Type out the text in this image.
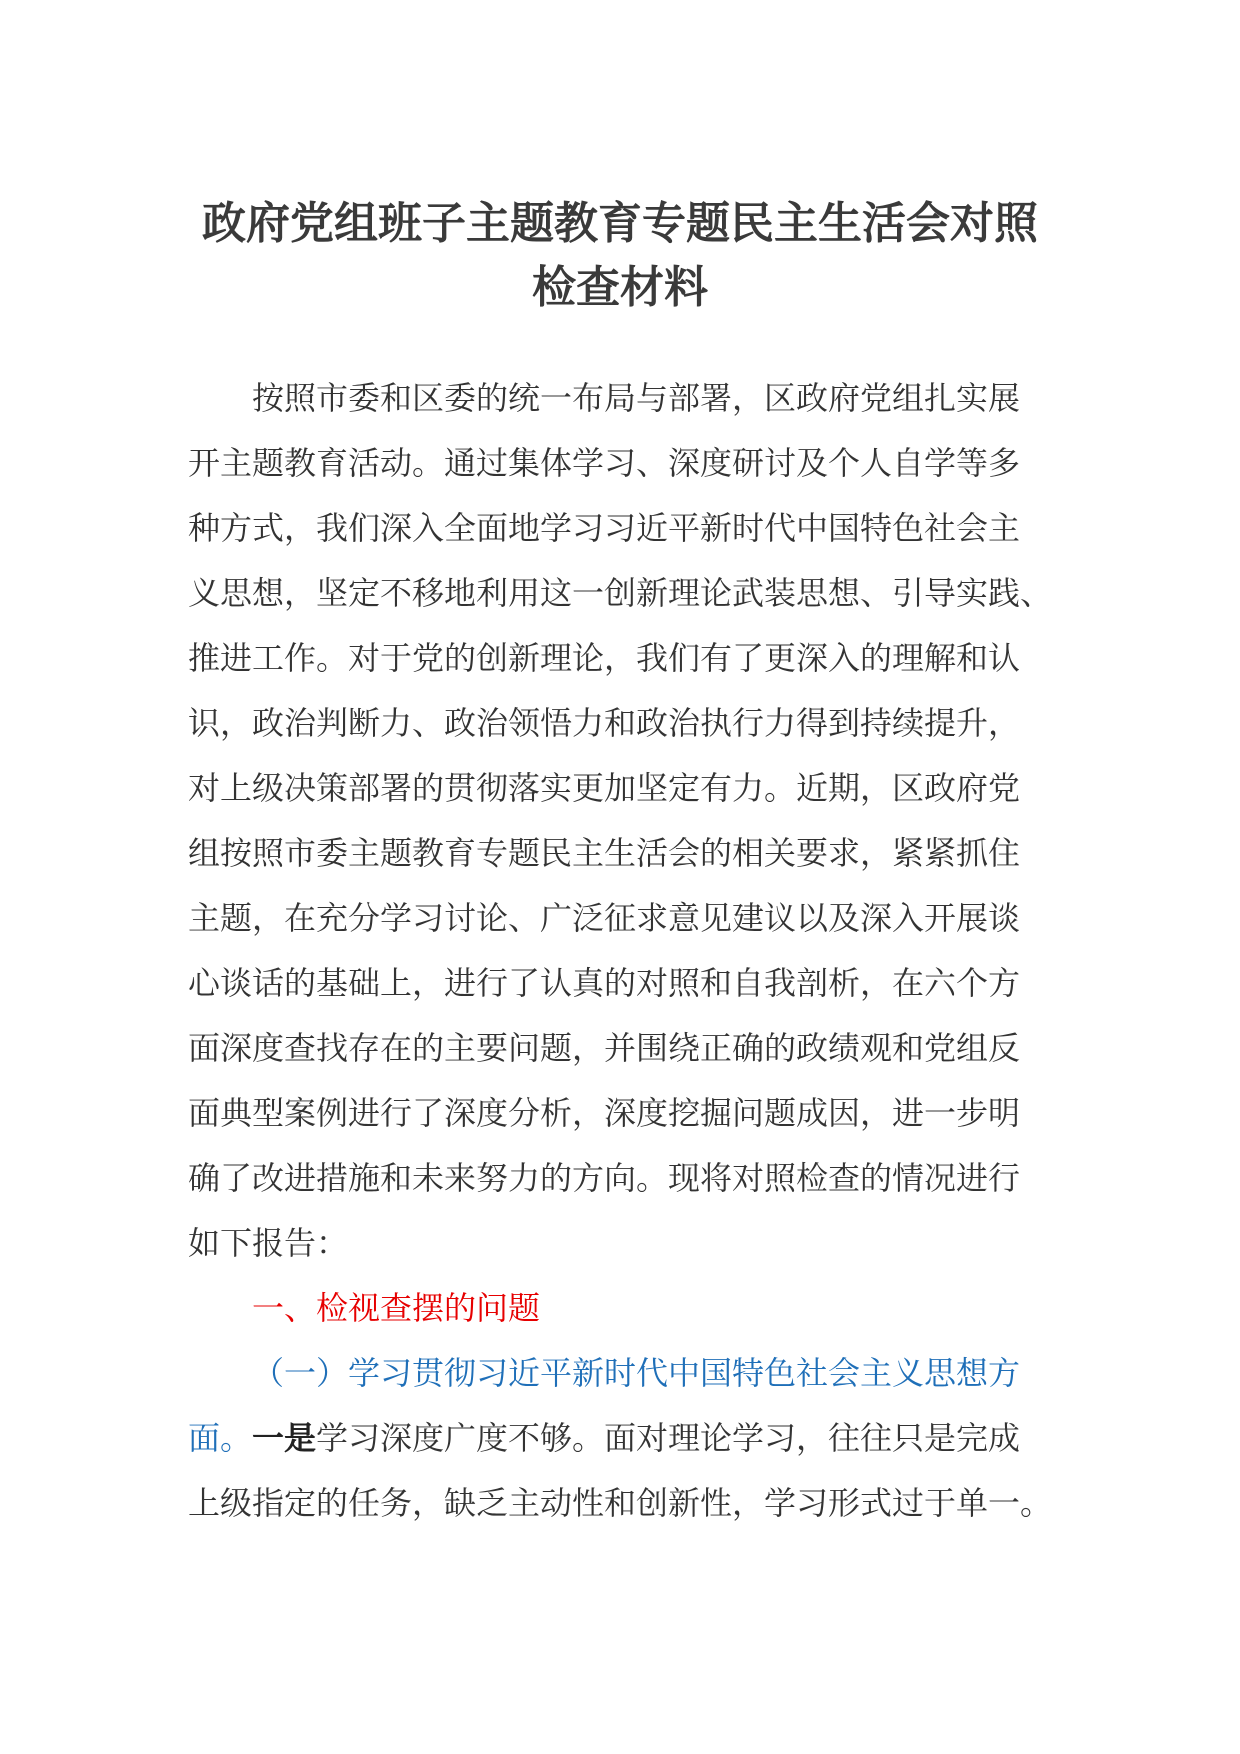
政府党组班子主题教育专题民主生活会对照
检查材料
按照市委和区委的统一布局与部署，区政府党组扎实展
开主题教育活动。通过集体学习、深度研讨及个人自学等多
种方式，我们深入全面地学习习近平新时代中国特色社会主
义思想，坚定不移地利用这一创新理论武装思想、引导实践、
推进工作。对于党的创新理论，我们有了更深入的理解和认
识，政治判断力、政治领悟力和政治执行力得到持续提升，
对上级决策部署的贯彻落实更加坚定有力。近期，区政府党
组按照市委主题教育专题民主生活会的相关要求，紧紧抓住
主题，在充分学习讨论、广泛征求意见建议以及深入开展谈
心谈话的基础上，进行了认真的对照和自我剖析，在六个方
面深度查找存在的主要问题，并围绕正确的政绩观和党组反
面典型案例进行了深度分析，深度挖掘问题成因，进一步明
确了改进措施和未来努力的方向。现将对照检查的情况进行
如下报告：
一、检视查摆的问题
（一）学习贯彻习近平新时代中国特色社会主义思想方
面。一是学习深度广度不够。面对理论学习，往往只是完成
上级指定的任务，缺乏主动性和创新性，学习形式过于单一。
